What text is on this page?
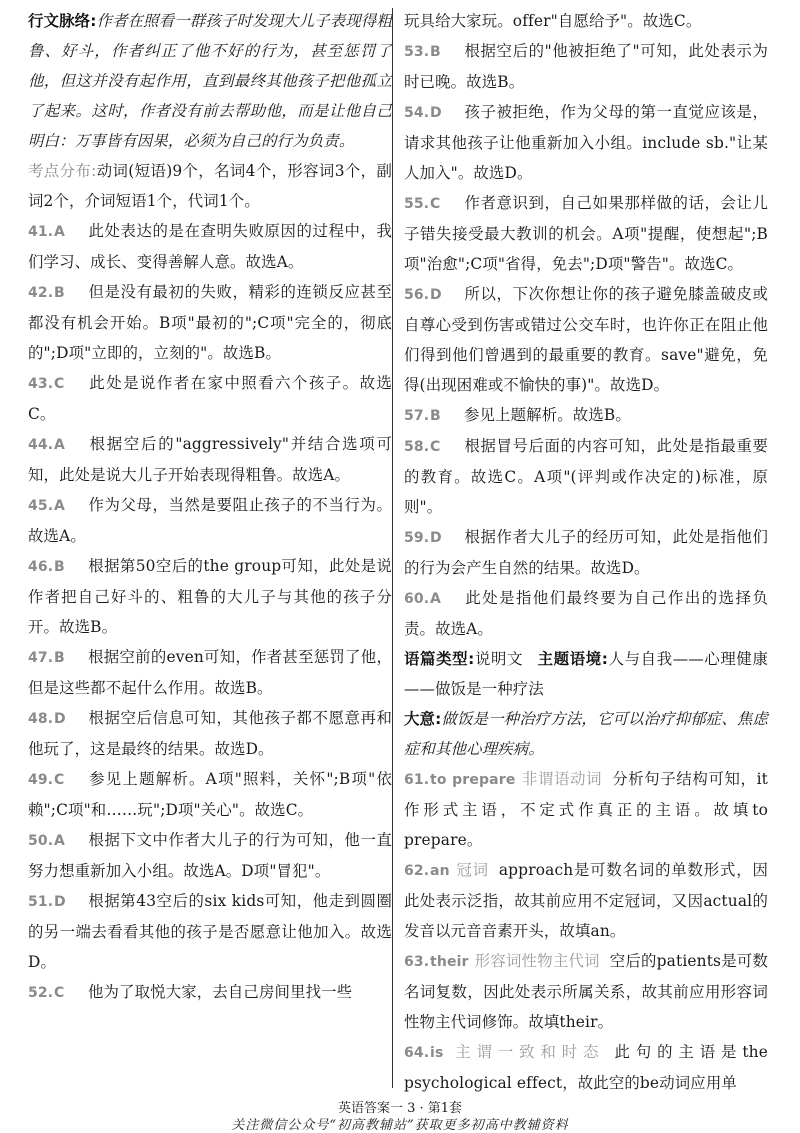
行文脉络:作者在照看一群孩子时发现大儿子表现得粗鲁、好斗，作者纠正了他不好的行为，甚至惩罚了他，但这并没有起作用，直到最终其他孩子把他孤立了起来。这时，作者没有前去帮助他，而是让他自己明白：万事皆有因果，必须为自己的行为负责。

考点分布:动词(短语)9个，名词4个，形容词3个，副词2个，介词短语1个，代词1个。

41.A 此处表达的是在查明失败原因的过程中，我们学习、成长、变得善解人意。故选A。

42.B 但是没有最初的失败，精彩的连锁反应甚至都没有机会开始。B项"最初的";C项"完全的，彻底的";D项"立即的，立刻的"。故选B。

43.C 此处是说作者在家中照看六个孩子。故选C。

44.A 根据空后的"aggressively"并结合选项可知，此处是说大儿子开始表现得粗鲁。故选A。

45.A 作为父母，当然是要阻止孩子的不当行为。故选A。

46.B 根据第50空后的the group可知，此处是说作者把自己好斗的、粗鲁的大儿子与其他的孩子分开。故选B。

47.B 根据空前的even可知，作者甚至惩罚了他，但是这些都不起什么作用。故选B。

48.D 根据空后信息可知，其他孩子都不愿意再和他玩了，这是最终的结果。故选D。

49.C 参见上题解析。A项"照料，关怀";B项"依赖";C项"和……玩";D项"关心"。故选C。

50.A 根据下文中作者大儿子的行为可知，他一直努力想重新加入小组。故选A。D项"冒犯"。

51.D 根据第43空后的six kids可知，他走到圆圈的另一端去看看其他的孩子是否愿意让他加入。故选D。

52.C 他为了取悦大家，去自己房间里找一些

玩具给大家玩。offer"自愿给予"。故选C。

53.B 根据空后的"他被拒绝了"可知，此处表示为时已晚。故选B。

54.D 孩子被拒绝，作为父母的第一直觉应该是，请求其他孩子让他重新加入小组。include sb."让某人加入"。故选D。

55.C 作者意识到，自己如果那样做的话，会让儿子错失接受最大教训的机会。A项"提醒，使想起";B项"治愈";C项"省得，免去";D项"警告"。故选C。

56.D 所以，下次你想让你的孩子避免膝盖破皮或自尊心受到伤害或错过公交车时，也许你正在阻止他们得到他们曾遇到的最重要的教育。save"避免，免得(出现困难或不愉快的事)"。故选D。

57.B 参见上题解析。故选B。

58.C 根据冒号后面的内容可知，此处是指最重要的教育。故选C。A项"(评判或作决定的)标准，原则"。

59.D 根据作者大儿子的经历可知，此处是指他们的行为会产生自然的结果。故选D。

60.A 此处是指他们最终要为自己作出的选择负责。故选A。

语篇类型:说明文 主题语境:人与自我——心理健康——做饭是一种疗法

大意:做饭是一种治疗方法，它可以治疗抑郁症、焦虑症和其他心理疾病。

61.to prepare 非谓语动词 分析句子结构可知，it作形式主语，不定式作真正的主语。故填to prepare。

62.an 冠词 approach是可数名词的单数形式，因此处表示泛指，故其前应用不定冠词，又因actual的发音以元音音素开头，故填an。

63.their 形容词性物主代词 空后的patients是可数名词复数，因此处表示所属关系，故其前应用形容词性物主代词修饰。故填their。

64.is 主谓一致和时态 此句的主语是the psychological effect，故此空的be动词应用单

英语答案一 3 · 第1套
关注微信公众号“初高教辅站”获取更多初高中教辅资料
